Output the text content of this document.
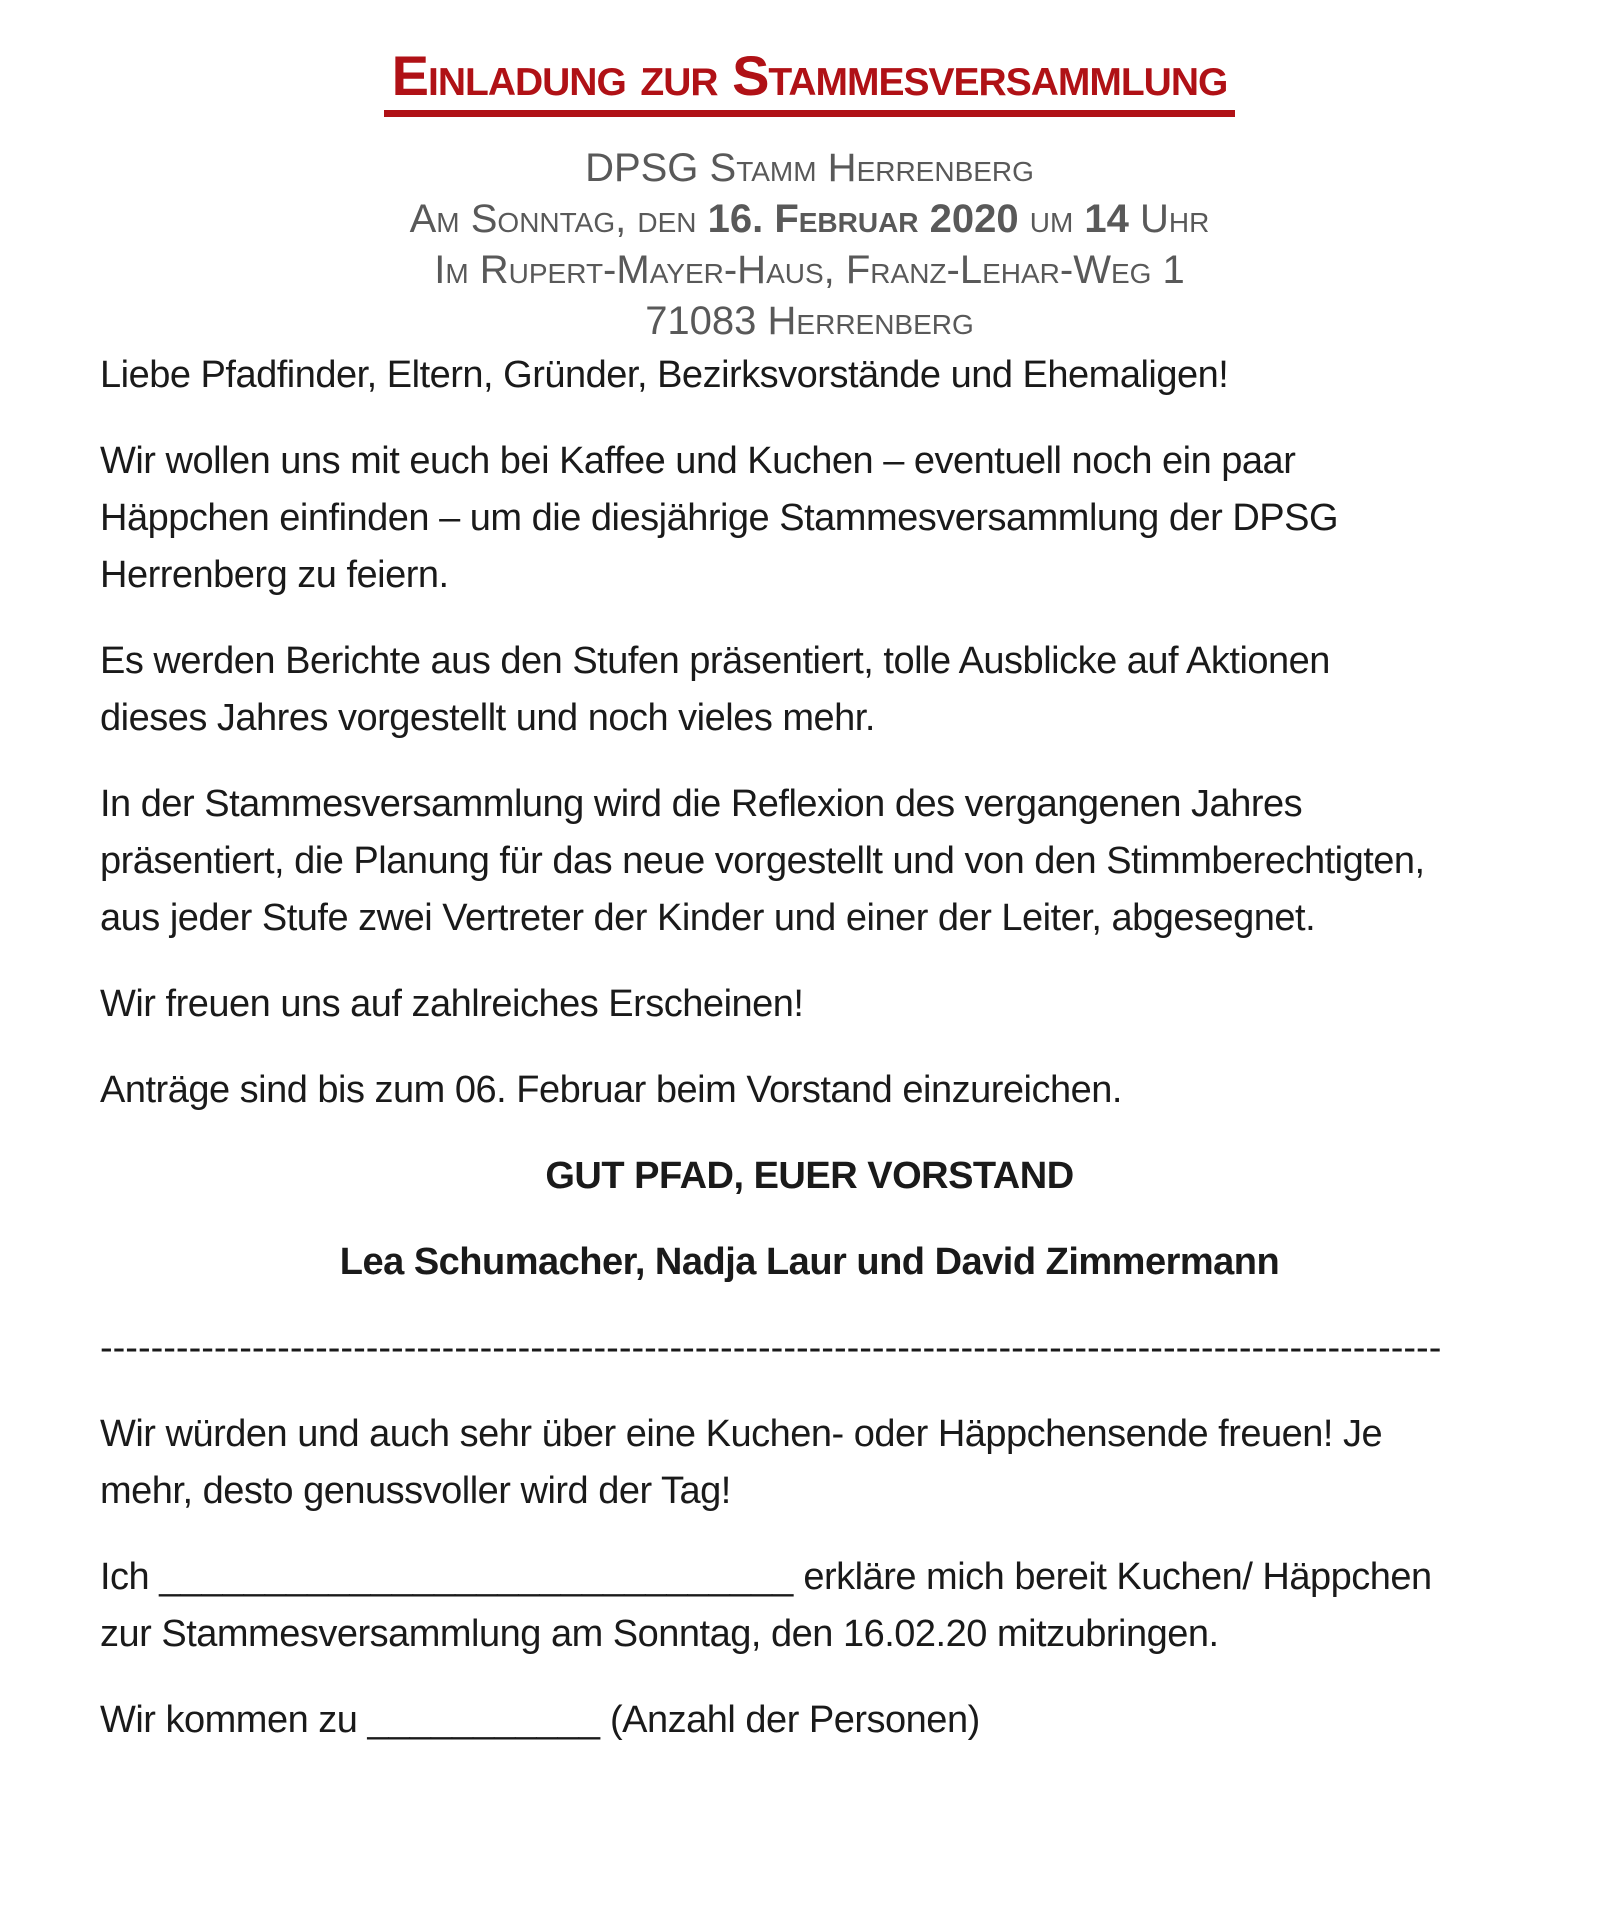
Einladung zur Stammesversammlung
DPSG Stamm Herrenberg
Am Sonntag, den 16. Februar 2020 um 14 Uhr
Im Rupert-Mayer-Haus, Franz-Lehar-Weg 1
71083 Herrenberg
Liebe Pfadfinder, Eltern, Gründer, Bezirksvorstände und Ehemaligen!
Wir wollen uns mit euch bei Kaffee und Kuchen – eventuell noch ein paar
Häppchen einfinden – um die diesjährige Stammesversammlung der DPSG
Herrenberg zu feiern.
Es werden Berichte aus den Stufen präsentiert, tolle Ausblicke auf Aktionen
dieses Jahres vorgestellt und noch vieles mehr.
In der Stammesversammlung wird die Reflexion des vergangenen Jahres
präsentiert, die Planung für das neue vorgestellt und von den Stimmberechtigten,
aus jeder Stufe zwei Vertreter der Kinder und einer der Leiter, abgesegnet.
Wir freuen uns auf zahlreiches Erscheinen!
Anträge sind bis zum 06. Februar beim Vorstand einzureichen.
GUT PFAD, EUER VORSTAND
Lea Schumacher, Nadja Laur und David Zimmermann
----------------------------------------------------------------------------------------------------------
Wir würden und auch sehr über eine Kuchen- oder Häppchensende freuen! Je
mehr, desto genussvoller wird der Tag!
Ich ______________________________ erkläre mich bereit Kuchen/ Häppchen
zur Stammesversammlung am Sonntag, den 16.02.20 mitzubringen.
Wir kommen zu ___________ (Anzahl der Personen)
